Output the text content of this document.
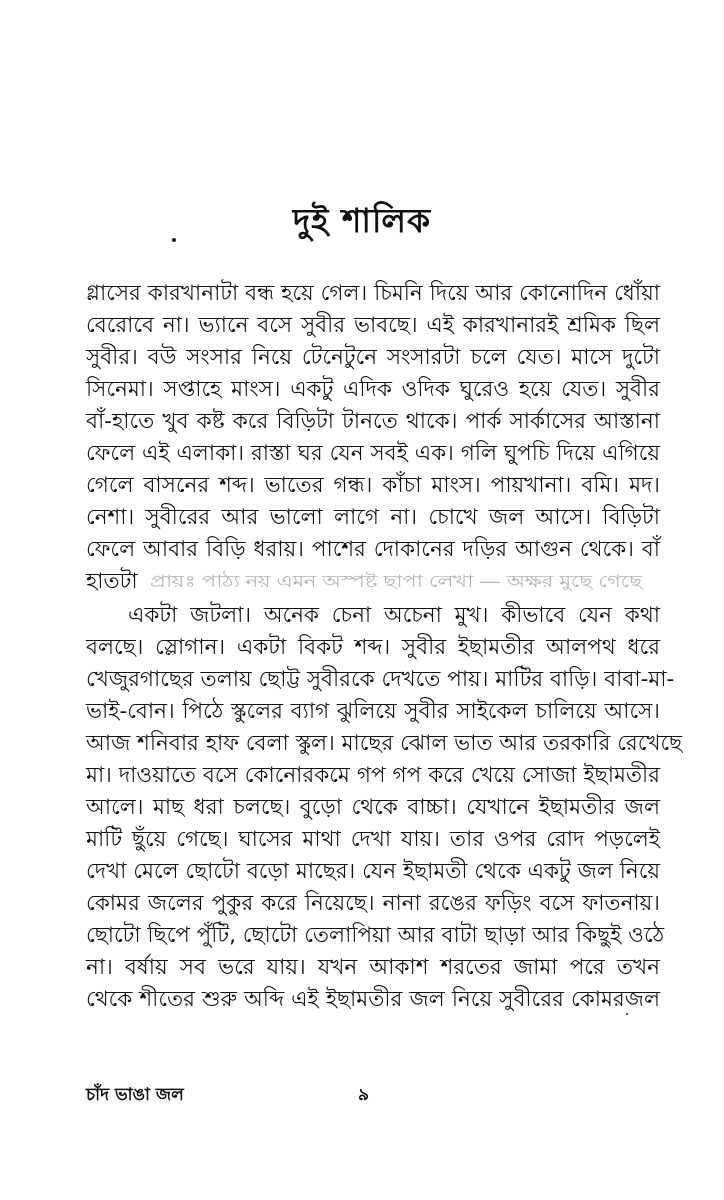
দুই শালিক
গ্লাসের কারখানাটা বন্ধ হয়ে গেল। চিমনি দিয়ে আর কোনোদিন ধোঁয়া
বেরোবে না। ভ্যানে বসে সুবীর ভাবছে। এই কারখানারই শ্রমিক ছিল
সুবীর। বউ সংসার নিয়ে টেনেটুনে সংসারটা চলে যেত। মাসে দুটো
সিনেমা। সপ্তাহে মাংস। একটু এদিক ওদিক ঘুরেও হয়ে যেত। সুবীর
বাঁ-হাতে খুব কষ্ট করে বিড়িটা টানতে থাকে। পার্ক সার্কাসের আস্তানা
ফেলে এই এলাকা। রাস্তা ঘর যেন সবই এক। গলি ঘুপচি দিয়ে এগিয়ে
গেলে বাসনের শব্দ। ভাতের গন্ধ। কাঁচা মাংস। পায়খানা। বমি। মদ।
নেশা। সুবীরের আর ভালো লাগে না। চোখে জল আসে। বিড়িটা
ফেলে আবার বিড়ি ধরায়। পাশের দোকানের দড়ির আগুন থেকে। বাঁ
হাতটা প্রায়ঃ পাঠ্য নয় এমন অস্পষ্ট ছাপা লেখা — অক্ষর মুছে গেছে
একটা জটলা। অনেক চেনা অচেনা মুখ। কীভাবে যেন কথা
বলছে। স্লোগান। একটা বিকট শব্দ। সুবীর ইছামতীর আলপথ ধরে
খেজুরগাছের তলায় ছোট্ট সুবীরকে দেখতে পায়। মাটির বাড়ি। বাবা-মা-
ভাই-বোন। পিঠে স্কুলের ব্যাগ ঝুলিয়ে সুবীর সাইকেল চালিয়ে আসে।
আজ শনিবার হাফ বেলা স্কুল। মাছের ঝোল ভাত আর তরকারি রেখেছে
মা। দাওয়াতে বসে কোনোরকমে গপ গপ করে খেয়ে সোজা ইছামতীর
আলে। মাছ ধরা চলছে। বুড়ো থেকে বাচ্চা। যেখানে ইছামতীর জল
মাটি ছুঁয়ে গেছে। ঘাসের মাথা দেখা যায়। তার ওপর রোদ পড়লেই
দেখা মেলে ছোটো বড়ো মাছের। যেন ইছামতী থেকে একটু জল নিয়ে
কোমর জলের পুকুর করে নিয়েছে। নানা রঙের ফড়িং বসে ফাতনায়।
ছোটো ছিপে পুঁটি, ছোটো তেলাপিয়া আর বাটা ছাড়া আর কিছুই ওঠে
না। বর্ষায় সব ভরে যায়। যখন আকাশ শরতের জামা পরে তখন
থেকে শীতের শুরু অব্দি এই ইছামতীর জল নিয়ে সুবীরের কোমরজল
চাঁদ ভাঙা জল	৯
